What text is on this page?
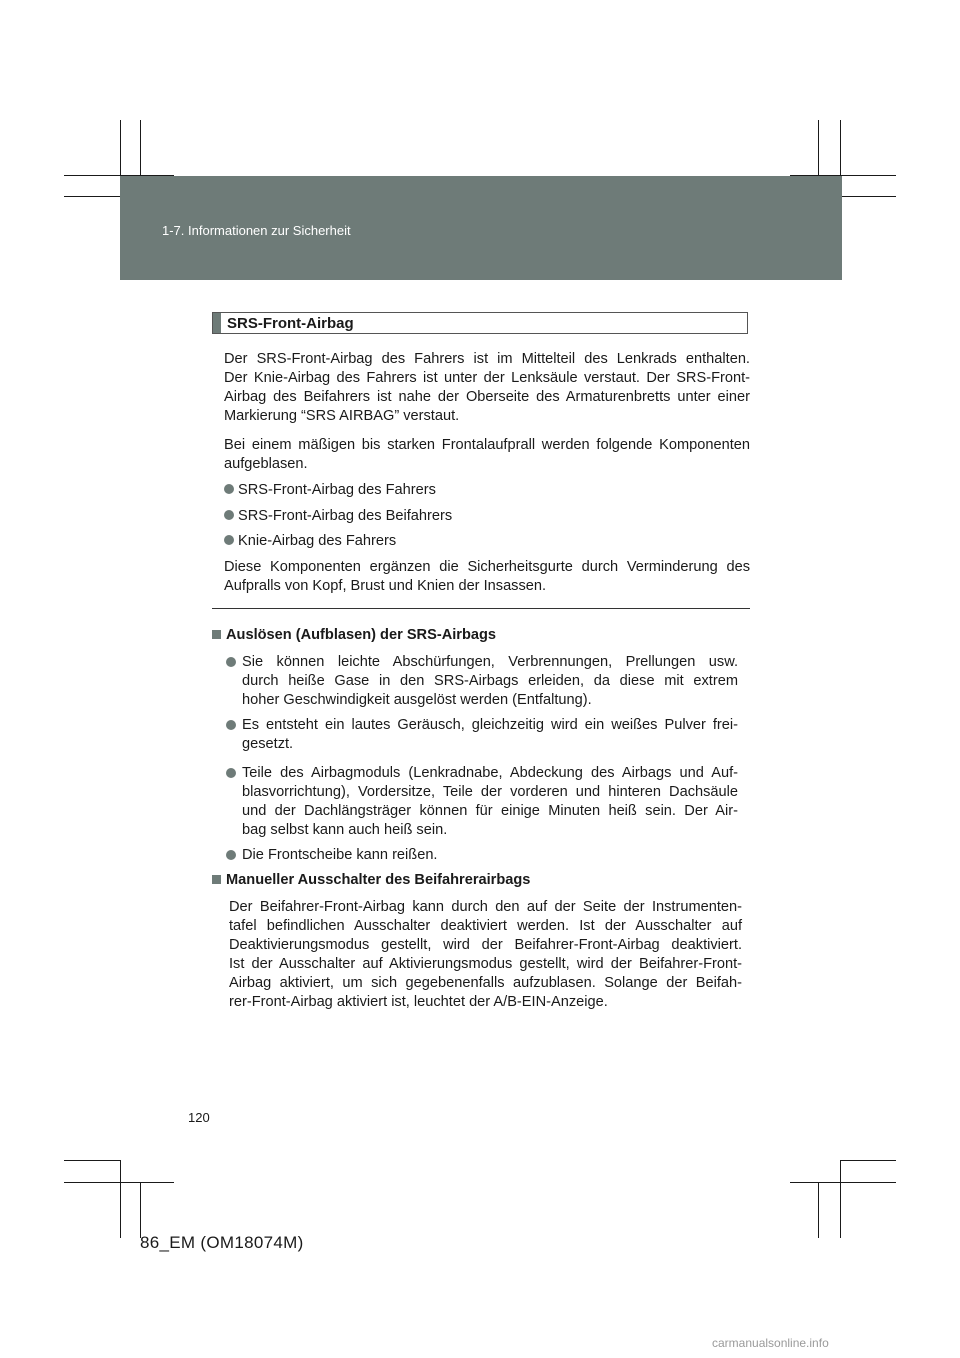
1-7. Informationen zur Sicherheit
SRS-Front-Airbag
Der SRS-Front-Airbag des Fahrers ist im Mittelteil des Lenkrads enthalten.
Der Knie-Airbag des Fahrers ist unter der Lenksäule verstaut. Der SRS-Front-
Airbag des Beifahrers ist nahe der Oberseite des Armaturenbretts unter einer
Markierung “SRS AIRBAG” verstaut.
Bei einem mäßigen bis starken Frontalaufprall werden folgende Komponenten
aufgeblasen.
SRS-Front-Airbag des Fahrers
SRS-Front-Airbag des Beifahrers
Knie-Airbag des Fahrers
Diese Komponenten ergänzen die Sicherheitsgurte durch Verminderung des
Aufpralls von Kopf, Brust und Knien der Insassen.
Auslösen (Aufblasen) der SRS-Airbags
Sie können leichte Abschürfungen, Verbrennungen, Prellungen usw.
durch heiße Gase in den SRS-Airbags erleiden, da diese mit extrem
hoher Geschwindigkeit ausgelöst werden (Entfaltung).
Es entsteht ein lautes Geräusch, gleichzeitig wird ein weißes Pulver frei-
gesetzt.
Teile des Airbagmoduls (Lenkradnabe, Abdeckung des Airbags und Auf-
blasvorrichtung), Vordersitze, Teile der vorderen und hinteren Dachsäule
und der Dachlängsträger können für einige Minuten heiß sein. Der Air-
bag selbst kann auch heiß sein.
Die Frontscheibe kann reißen.
Manueller Ausschalter des Beifahrerairbags
Der Beifahrer-Front-Airbag kann durch den auf der Seite der Instrumenten-
tafel befindlichen Ausschalter deaktiviert werden. Ist der Ausschalter auf
Deaktivierungsmodus gestellt, wird der Beifahrer-Front-Airbag deaktiviert.
Ist der Ausschalter auf Aktivierungsmodus gestellt, wird der Beifahrer-Front-
Airbag aktiviert, um sich gegebenenfalls aufzublasen. Solange der Beifah-
rer-Front-Airbag aktiviert ist, leuchtet der A/B-EIN-Anzeige.
120
86_EM (OM18074M)
carmanualsonline.info
